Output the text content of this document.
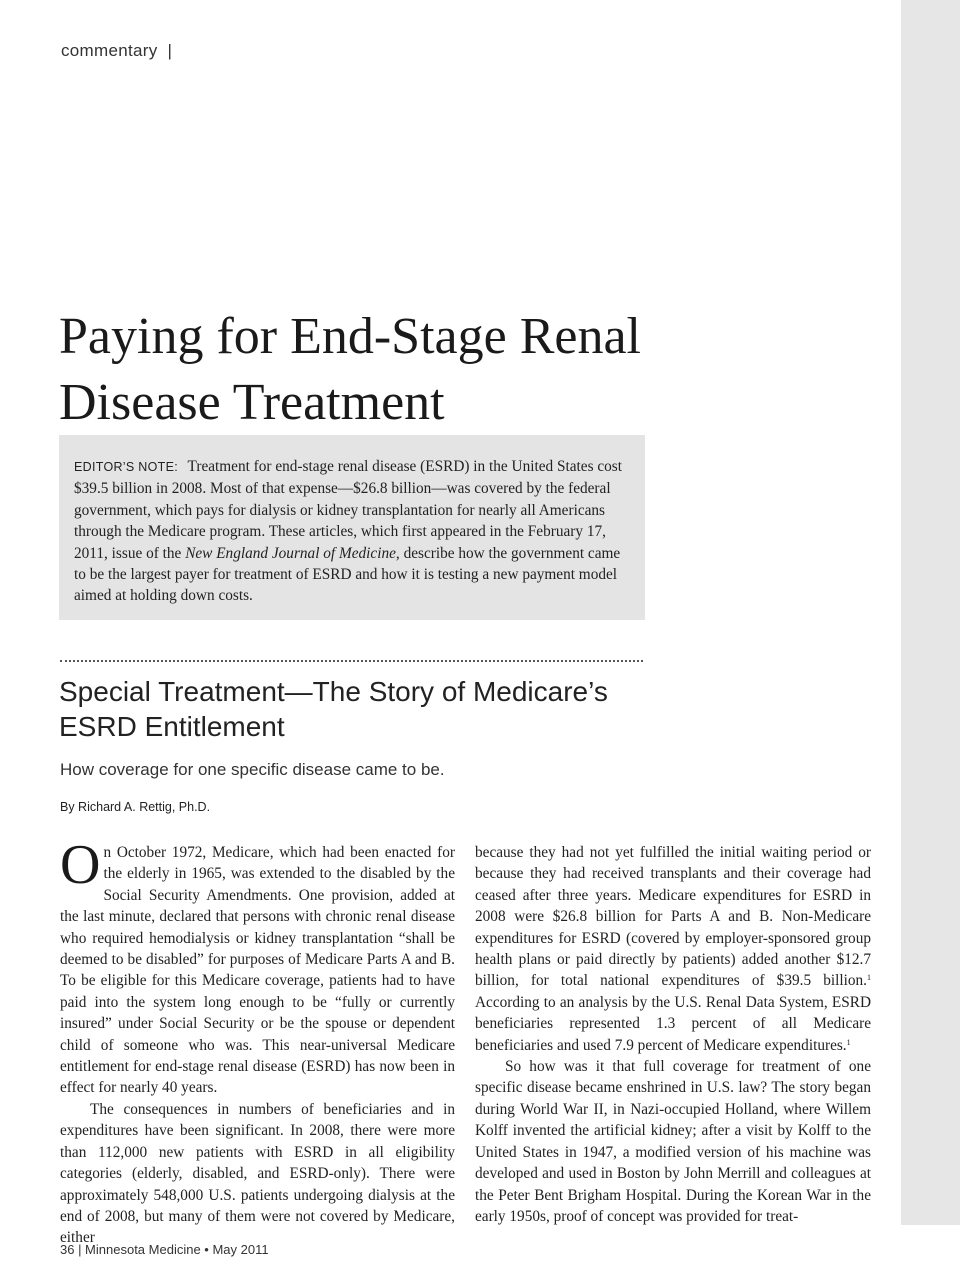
commentary |
Paying for End-Stage Renal
Disease Treatment
EDITOR’S NOTE: Treatment for end-stage renal disease (ESRD) in the United States cost $39.5 billion in 2008. Most of that expense—$26.8 billion—was covered by the federal government, which pays for dialysis or kidney transplantation for nearly all Americans through the Medicare program. These articles, which first appeared in the February 17, 2011, issue of the New England Journal of Medicine, describe how the government came to be the largest payer for treatment of ESRD and how it is testing a new payment model aimed at holding down costs.
Special Treatment—The Story of Medicare’s
ESRD Entitlement
How coverage for one specific disease came to be.
By Richard A. Rettig, Ph.D.

On October 1972, Medicare, which had been enacted for the elderly in 1965, was extended to the disabled by the Social Security Amendments. One provision, added at the last minute, declared that persons with chronic renal disease who required hemodialysis or kidney transplantation “shall be deemed to be disabled” for purposes of Medicare Parts A and B. To be eligible for this Medicare coverage, patients had to have paid into the system long enough to be “fully or currently insured” under Social Security or be the spouse or dependent child of someone who was. This near-universal Medicare entitlement for end-stage renal disease (ESRD) has now been in effect for nearly 40 years.

The consequences in numbers of beneficiaries and in expenditures have been significant. In 2008, there were more than 112,000 new patients with ESRD in all eligibility categories (elderly, disabled, and ESRD-only). There were approximately 548,000 U.S. patients undergoing dialysis at the end of 2008, but many of them were not covered by Medicare, either

because they had not yet fulfilled the initial waiting period or because they had received transplants and their coverage had ceased after three years. Medicare expenditures for ESRD in 2008 were $26.8 billion for Parts A and B. Non-Medicare expenditures for ESRD (covered by employer-sponsored group health plans or paid directly by patients) added another $12.7 billion, for total national expenditures of $39.5 billion.$^1$ According to an analysis by the U.S. Renal Data System, ESRD beneficiaries represented 1.3 percent of all Medicare beneficiaries and used 7.9 percent of Medicare expenditures.$^1$

So how was it that full coverage for treatment of one specific disease became enshrined in U.S. law? The story began during World War II, in Nazi-occupied Holland, where Willem Kolff invented the artificial kidney; after a visit by Kolff to the United States in 1947, a modified version of his machine was developed and used in Boston by John Merrill and colleagues at the Peter Bent Brigham Hospital. During the Korean War in the early 1950s, proof of concept was provided for treat-

36 | Minnesota Medicine • May 2011
